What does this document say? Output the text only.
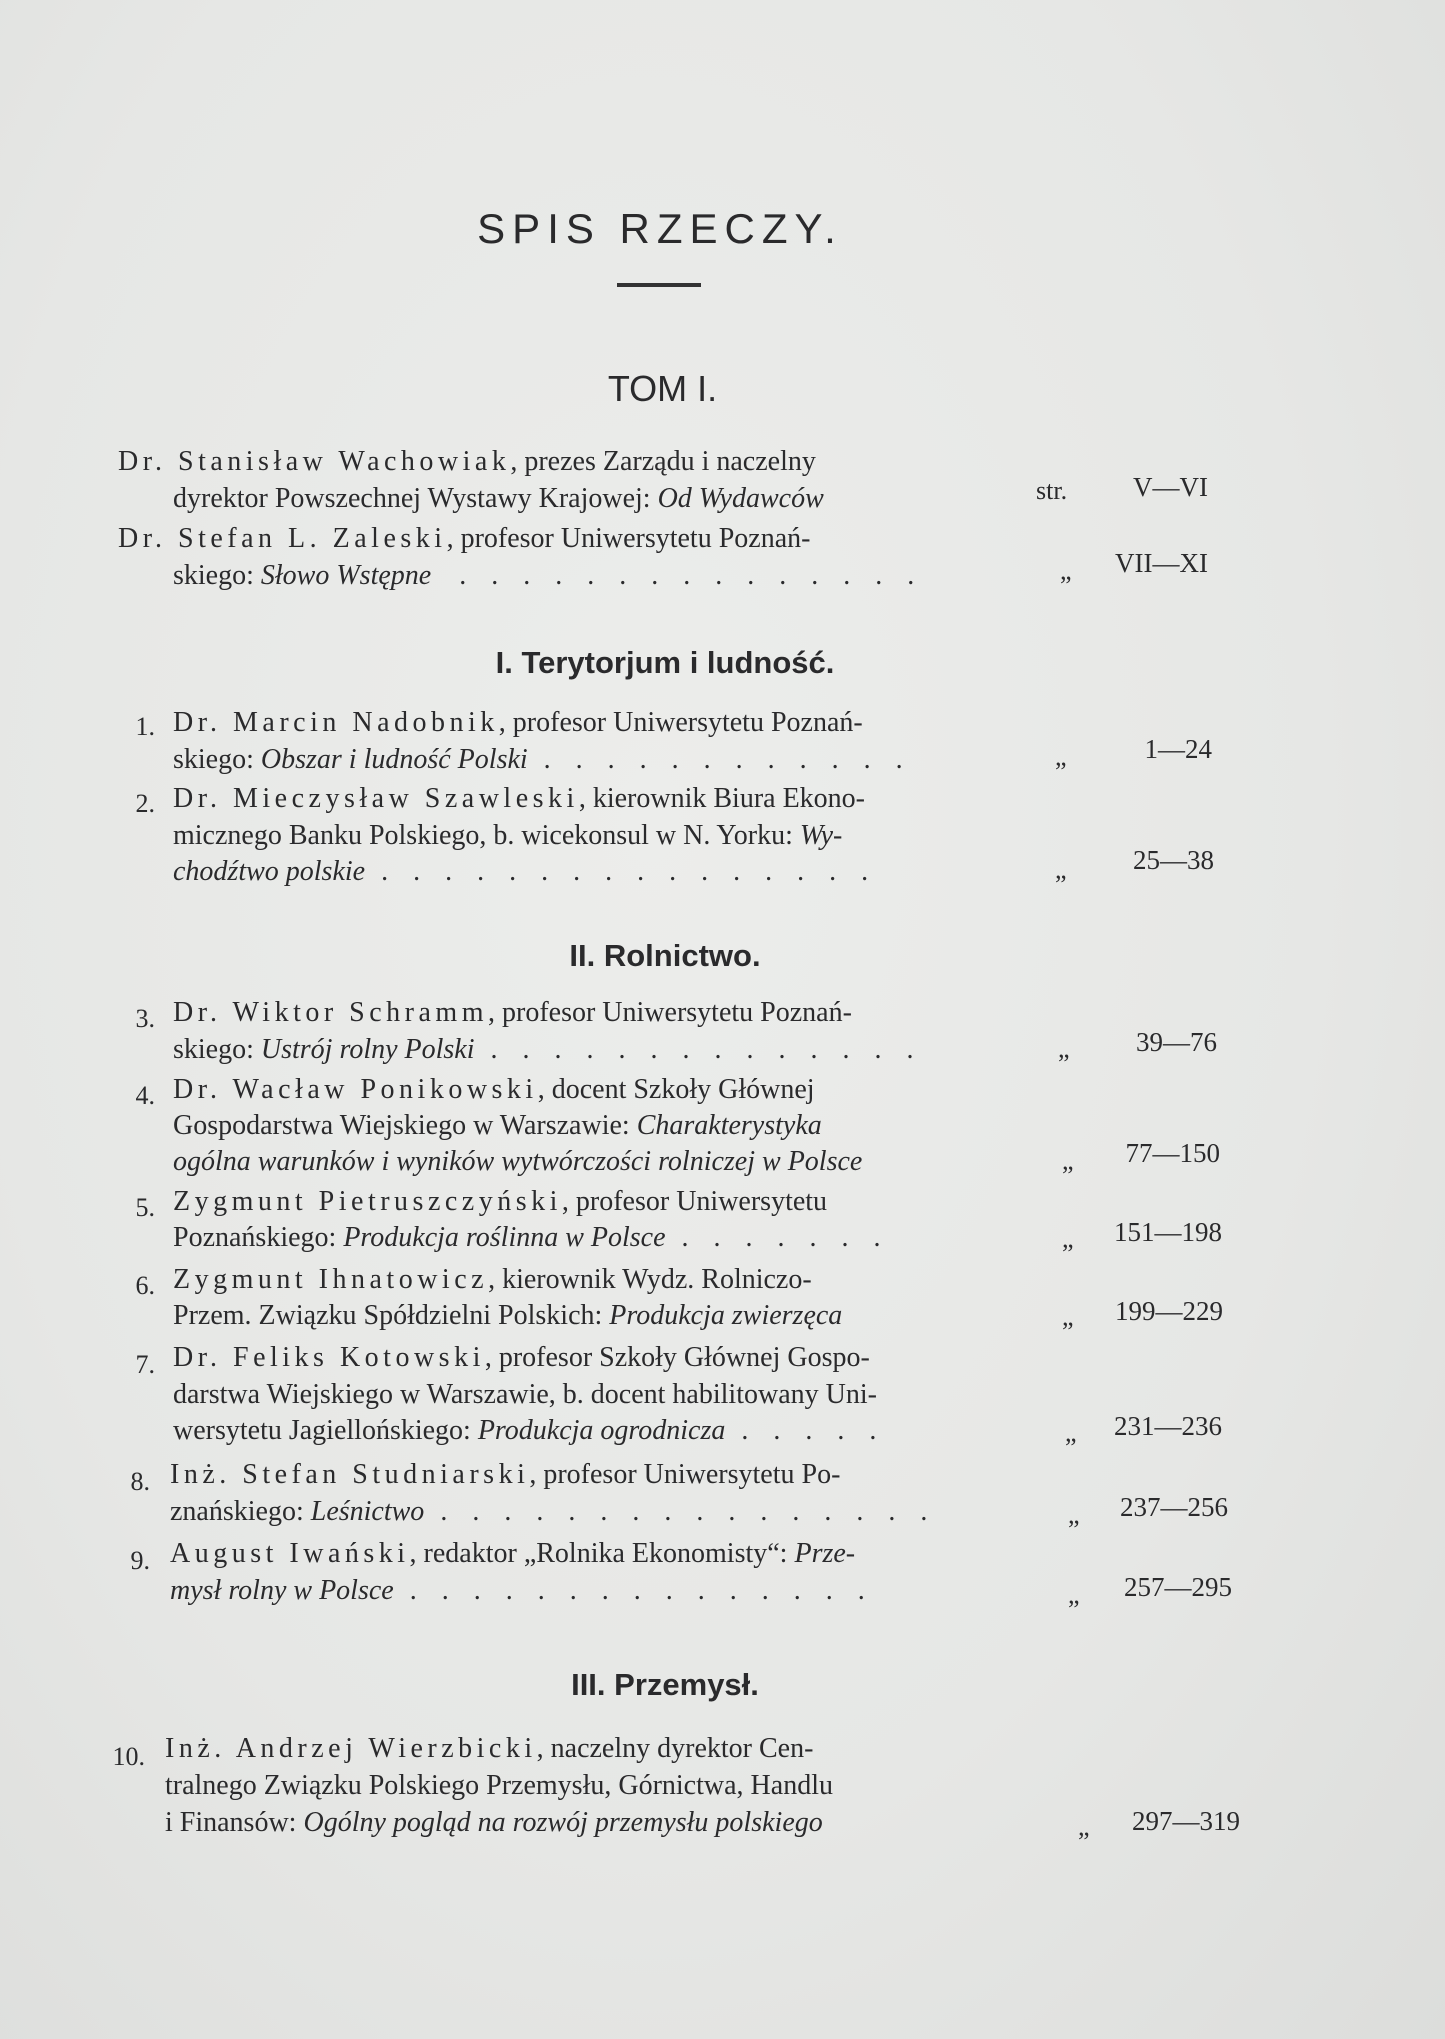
SPIS RZECZY.
TOM I.
Dr. Stanisław Wachowiak, prezes Zarządu i naczelny
dyrektor Powszechnej Wystawy Krajowej: Od Wydawców	str.	V—VI
Dr. Stefan L. Zaleski, profesor Uniwersytetu Poznań-
skiego: Słowo Wstępne . . . . . . . . . . . . . . .	„	VII—XI
I. Terytorjum i ludność.
1. Dr. Marcin Nadobnik, profesor Uniwersytetu Poznań-
skiego: Obszar i ludność Polski . . . . . . . . . . . .	„	1—24
2. Dr. Mieczysław Szawleski, kierownik Biura Ekono-
micznego Banku Polskiego, b. wicekonsul w N. Yorku: Wy-
chodźtwo polskie . . . . . . . . . . . . . . . .	„	25—38
II. Rolnictwo.
3. Dr. Wiktor Schramm, profesor Uniwersytetu Poznań-
skiego: Ustrój rolny Polski . . . . . . . . . . . . . .	„	39—76
4. Dr. Wacław Ponikowski, docent Szkoły Głównej
Gospodarstwa Wiejskiego w Warszawie: Charakterystyka
ogólna warunków i wyników wytwórczości rolniczej w Polsce	„	77—150
5. Zygmunt Pietruszczyński, profesor Uniwersytetu
Poznańskiego: Produkcja roślinna w Polsce . . . . . . .	„	151—198
6. Zygmunt Ihnatowicz, kierownik Wydz. Rolniczo-
Przem. Związku Spółdzielni Polskich: Produkcja zwierzęca	„	199—229
7. Dr. Feliks Kotowski, profesor Szkoły Głównej Gospo-
darstwa Wiejskiego w Warszawie, b. docent habilitowany Uni-
wersytetu Jagiellońskiego: Produkcja ogrodnicza . . . . .	„	231—236
8. Inż. Stefan Studniarski, profesor Uniwersytetu Po-
znańskiego: Leśnictwo . . . . . . . . . . . . . . . .	„	237—256
9. August Iwański, redaktor „Rolnika Ekonomisty“: Prze-
mysł rolny w Polsce . . . . . . . . . . . . . . .	„	257—295
III. Przemysł.
10. Inż. Andrzej Wierzbicki, naczelny dyrektor Cen-
tralnego Związku Polskiego Przemysłu, Górnictwa, Handlu
i Finansów: Ogólny pogląd na rozwój przemysłu polskiego	„	297—319
